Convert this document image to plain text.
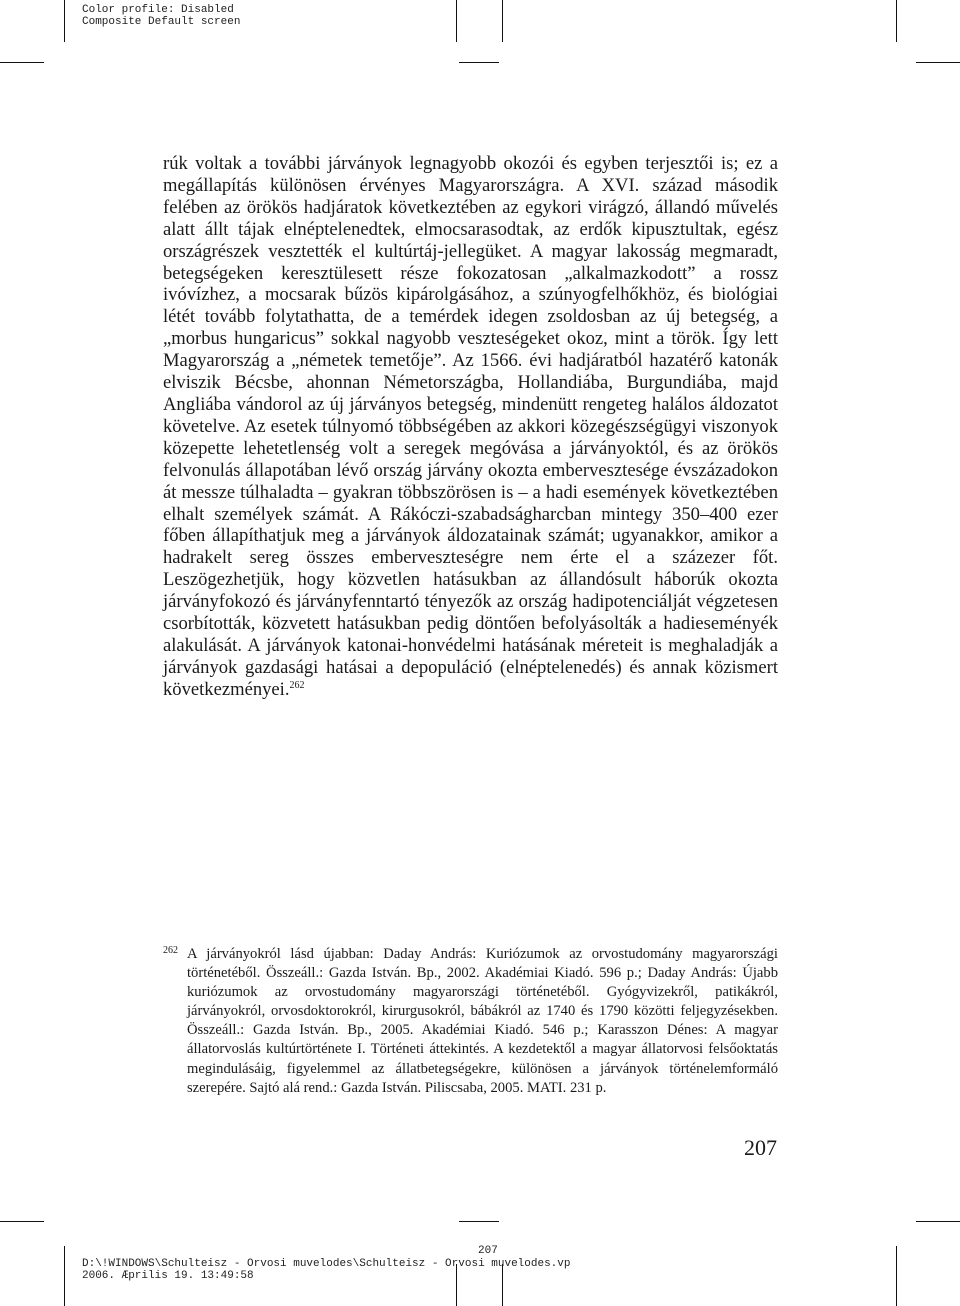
Color profile: Disabled
Composite Default screen

rúk voltak a további járványok legnagyobb okozói és egyben terjesztői is; ez a megállapítás különösen érvényes Magyarországra. A XVI. század második felében az örökös hadjáratok következtében az egykori virágzó, állandó művelés alatt állt tájak elnéptelenedtek, elmocsarasodtak, az erdők kipusztultak, egész országrészek vesztették el kultúrtáj-jellegüket. A magyar lakosság megmaradt, betegségeken keresztülesett része fokozatosan „alkalmazkodott” a rossz ivóvízhez, a mocsarak bűzös kipárolgásához, a szúnyogfelhőkhöz, és biológiai létét tovább folytathatta, de a temérdek idegen zsoldosban az új betegség, a „morbus hungaricus” sokkal nagyobb veszteségeket okoz, mint a török. Így lett Magyarország a „németek temetője”. Az 1566. évi hadjáratból hazatérő katonák elviszik Bécsbe, ahonnan Németországba, Hollandiába, Burgundiába, majd Angliába vándorol az új járványos betegség, mindenütt rengeteg halálos áldozatot követelve. Az esetek túlnyomó többségében az akkori közegészségügyi viszonyok közepette lehetetlenség volt a seregek megóvása a járványoktól, és az örökös felvonulás állapotában lévő ország járvány okozta embervesztesége évszázadokon át messze túlhaladta – gyakran többszörösen is – a hadi események következtében elhalt személyek számát. A Rákóczi-szabadságharcban mintegy 350–400 ezer főben állapíthatjuk meg a járványok áldozatainak számát; ugyanakkor, amikor a hadrakelt sereg összes emberveszteségre nem érte el a százezer főt. Leszögezhetjük, hogy közvetlen hatásukban az állandósult háborúk okozta járványfokozó és járványfenntartó tényezők az ország hadipotenciálját végzetesen csorbították, közvetett hatásukban pedig döntően befolyásolták a hadieseményék alakulását. A járványok katonai-honvédelmi hatásának méreteit is meghaladják a járványok gazdasági hatásai a depopuláció (elnéptelenedés) és annak közismert következményei.$^{262}$

262 A járványokról lásd újabban: Daday András: Kuriózumok az orvostudomány magyarországi történetéből. Összeáll.: Gazda István. Bp., 2002. Akadémiai Kiadó. 596 p.; Daday András: Újabb kuriózumok az orvostudomány magyarországi történetéből. Gyógyvizekről, patikákról, járványokról, orvosdoktorokról, kirurgusokról, bábákról az 1740 és 1790 közötti feljegyzésekben. Összeáll.: Gazda István. Bp., 2005. Akadémiai Kiadó. 546 p.; Karasszon Dénes: A magyar állatorvoslás kultúrtörténete I. Történeti áttekintés. A kezdetektől a magyar állatorvosi felsőoktatás megindulásáig, figyelemmel az állatbetegségekre, különösen a járványok történelemformáló szerepére. Sajtó alá rend.: Gazda István. Piliscsaba, 2005. MATI. 231 p.

207
207
D:\!WINDOWS\Schulteisz - Orvosi muvelodes\Schulteisz - Orvosi muvelodes.vp
2006. Æprilis 19. 13:49:58
